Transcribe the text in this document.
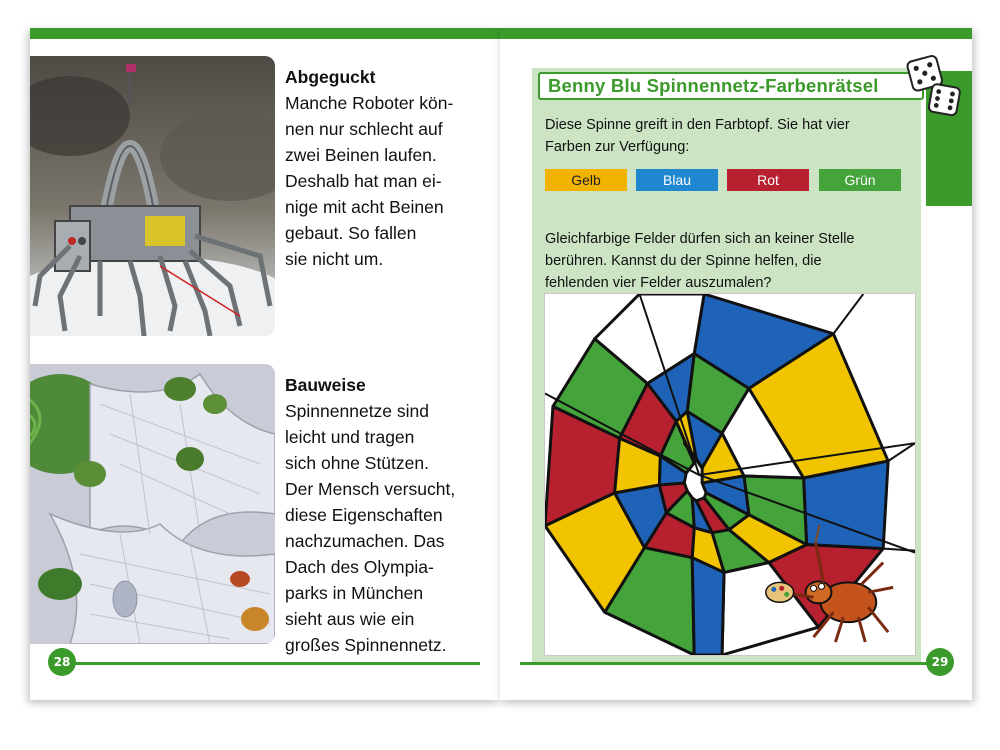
Abgeguckt
Manche Roboter kön-
nen nur schlecht auf
zwei Beinen laufen.
Deshalb hat man ei-
nige mit acht Beinen
gebaut. So fallen
sie nicht um.
Bauweise
Spinnennetze sind
leicht und tragen
sich ohne Stützen.
Der Mensch versucht,
diese Eigenschaften
nachzumachen. Das
Dach des Olympia-
parks in München
sieht aus wie ein
großes Spinnennetz.
28
Benny Blu Spinnennetz-Farbenrätsel
Diese Spinne greift in den Farbtopf. Sie hat vier
Farben zur Verfügung:
Gelb	Blau	Rot	Grün
Gleichfarbige Felder dürfen sich an keiner Stelle
berühren. Kannst du der Spinne helfen, die
fehlenden vier Felder auszumalen?
29
